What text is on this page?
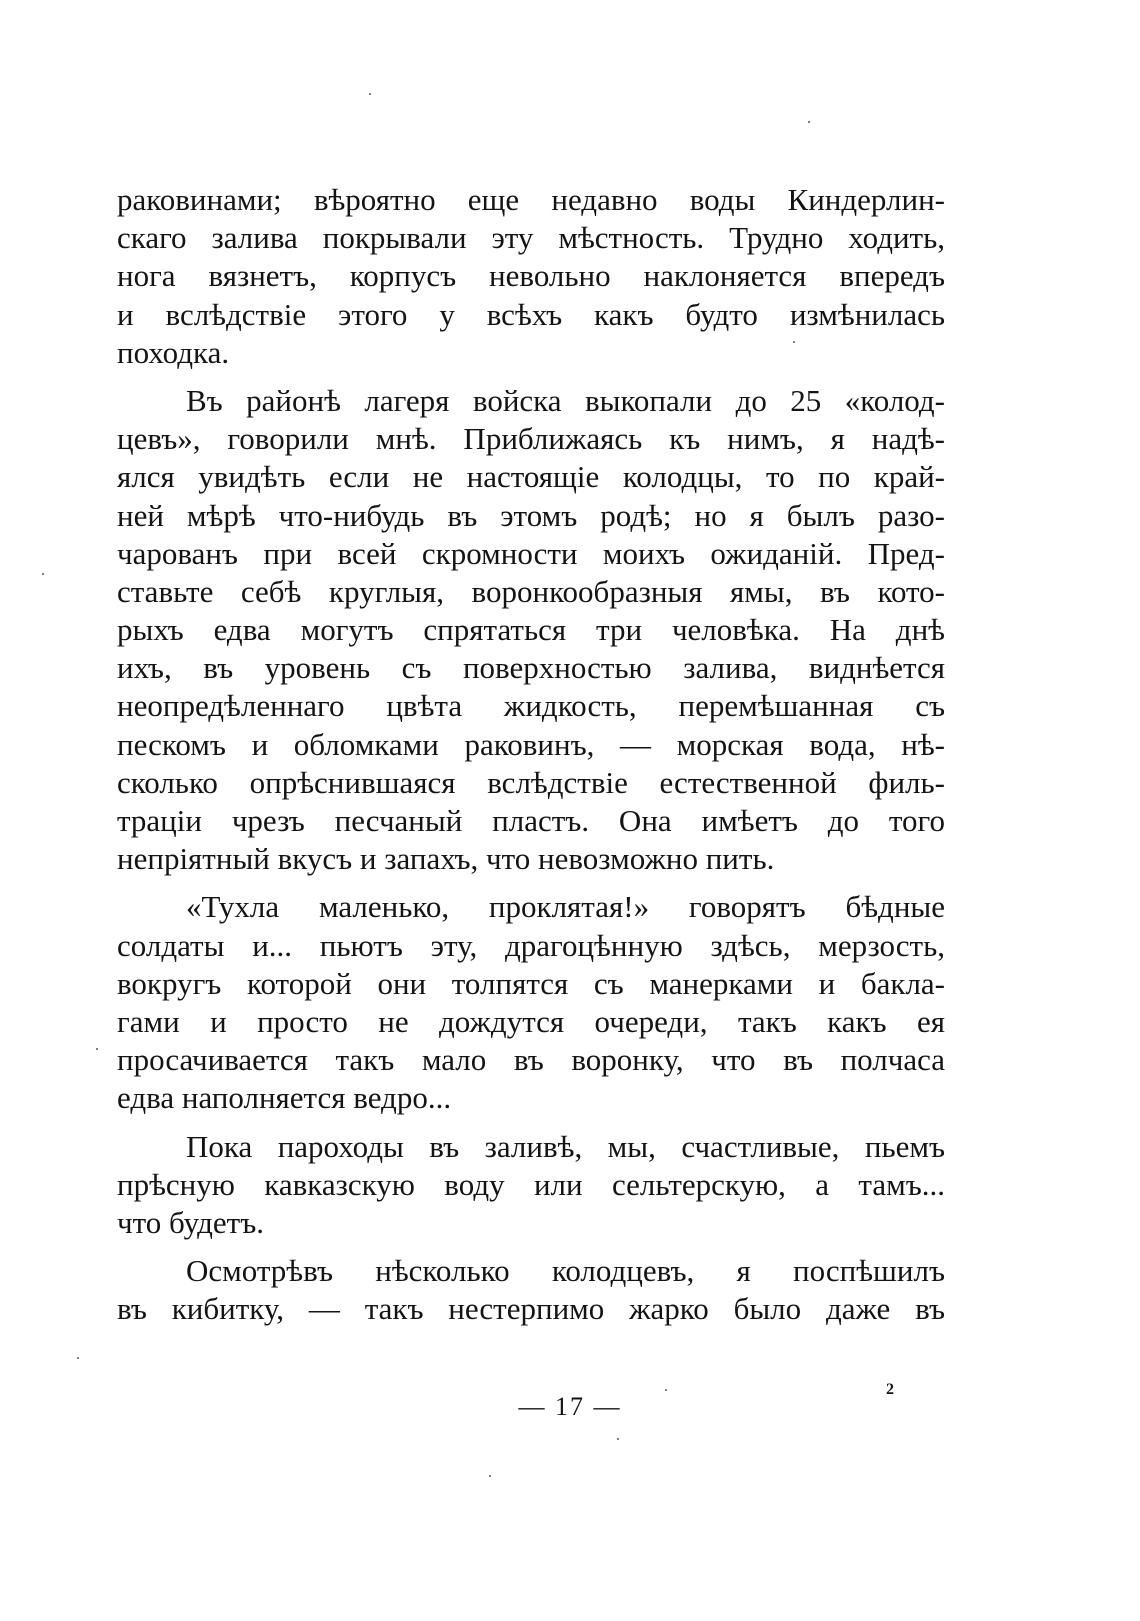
раковинами; вѣроятно еще недавно воды Киндерлин-
скаго залива покрывали эту мѣстность. Трудно ходить,
нога вязнетъ, корпусъ невольно наклоняется впередъ
и вслѣдствіе этого у всѣхъ какъ будто измѣнилась
походка.
Въ районѣ лагеря войска выкопали до 25 «колод-
цевъ», говорили мнѣ. Приближаясь къ нимъ, я надѣ-
ялся увидѣть если не настоящіе колодцы, то по край-
ней мѣрѣ что-нибудь въ этомъ родѣ; но я былъ разо-
чарованъ при всей скромности моихъ ожиданій. Пред-
ставьте себѣ круглыя, воронкообразныя ямы, въ кото-
рыхъ едва могутъ спрятаться три человѣка. На днѣ
ихъ, въ уровень съ поверхностью залива, виднѣется
неопредѣленнаго цвѣта жидкость, перемѣшанная съ
пескомъ и обломками раковинъ, — морская вода, нѣ-
сколько опрѣснившаяся вслѣдствіе естественной филь-
траціи чрезъ песчаный пластъ. Она имѣетъ до того
непріятный вкусъ и запахъ, что невозможно пить.
«Тухла маленько, проклятая!» говорятъ бѣдные
солдаты и... пьютъ эту, драгоцѣнную здѣсь, мерзость,
вокругъ которой они толпятся съ манерками и бакла-
гами и просто не дождутся очереди, такъ какъ ея
просачивается такъ мало въ воронку, что въ полчаса
едва наполняется ведро...
Пока пароходы въ заливѣ, мы, счастливые, пьемъ
прѣсную кавказскую воду или сельтерскую, а тамъ...
что будетъ.
Осмотрѣвъ нѣсколько колодцевъ, я поспѣшилъ
въ кибитку, — такъ нестерпимо жарко было даже въ
— 17 —
2
